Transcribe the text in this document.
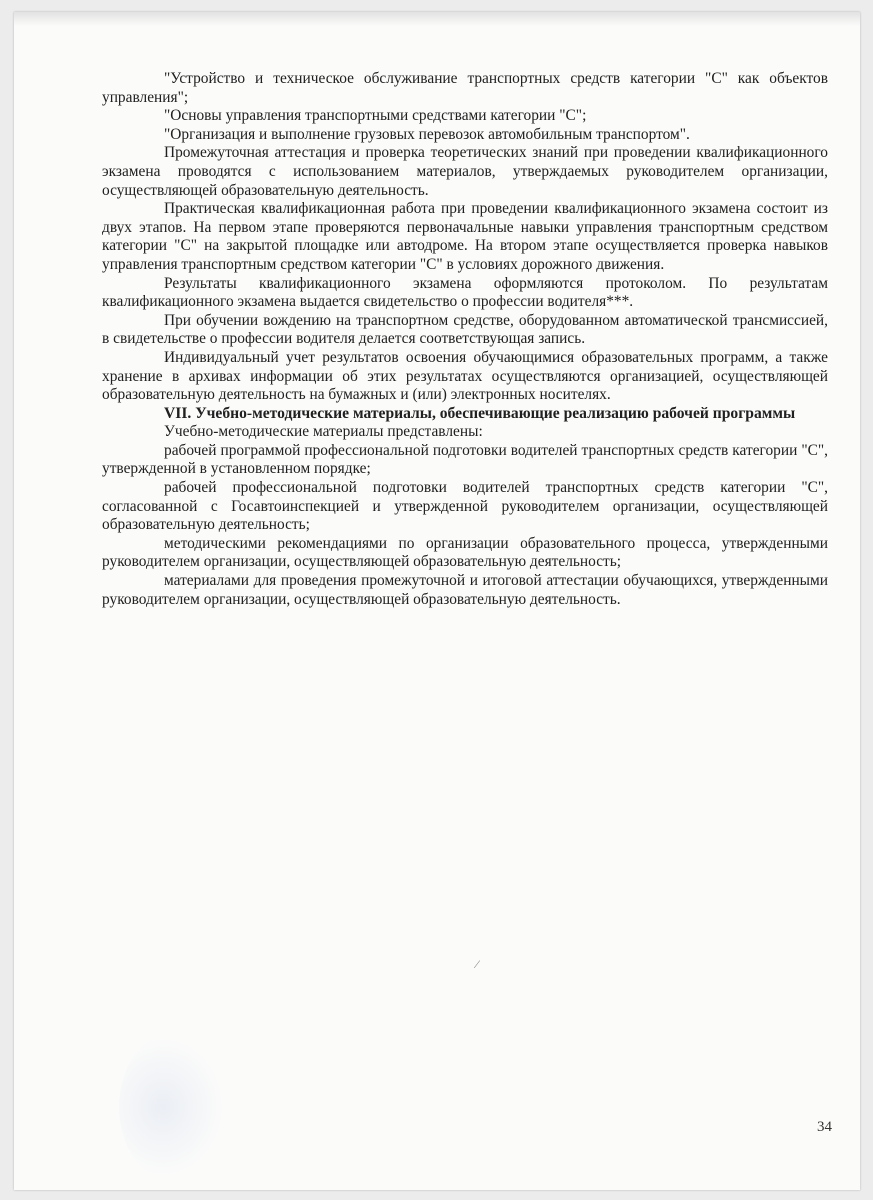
"Устройство и техническое обслуживание транспортных средств категории "С" как объектов управления";

"Основы управления транспортными средствами категории "С";

"Организация и выполнение грузовых перевозок автомобильным транспортом".

Промежуточная аттестация и проверка теоретических знаний при проведении квалификационного экзамена проводятся с использованием материалов, утверждаемых руководителем организации, осуществляющей образовательную деятельность.

Практическая квалификационная работа при проведении квалификационного экзамена состоит из двух этапов. На первом этапе проверяются первоначальные навыки управления транспортным средством категории "С" на закрытой площадке или автодроме. На втором этапе осуществляется проверка навыков управления транспортным средством категории "С" в условиях дорожного движения.

Результаты квалификационного экзамена оформляются протоколом. По результатам квалификационного экзамена выдается свидетельство о профессии водителя***.

При обучении вождению на транспортном средстве, оборудованном автоматической трансмиссией, в свидетельстве о профессии водителя делается соответствующая запись.

Индивидуальный учет результатов освоения обучающимися образовательных программ, а также хранение в архивах информации об этих результатах осуществляются организацией, осуществляющей образовательную деятельность на бумажных и (или) электронных носителях.

VII. Учебно-методические материалы, обеспечивающие реализацию рабочей программы

Учебно-методические материалы представлены:

рабочей программой профессиональной подготовки водителей транспортных средств категории "С", утвержденной в установленном порядке;

рабочей профессиональной подготовки водителей транспортных средств категории "С", согласованной с Госавтоинспекцией и утвержденной руководителем организации, осуществляющей образовательную деятельность;

методическими рекомендациями по организации образовательного процесса, утвержденными руководителем организации, осуществляющей образовательную деятельность;

материалами для проведения промежуточной и итоговой аттестации обучающихся, утвержденными руководителем организации, осуществляющей образовательную деятельность.

⁄
34
